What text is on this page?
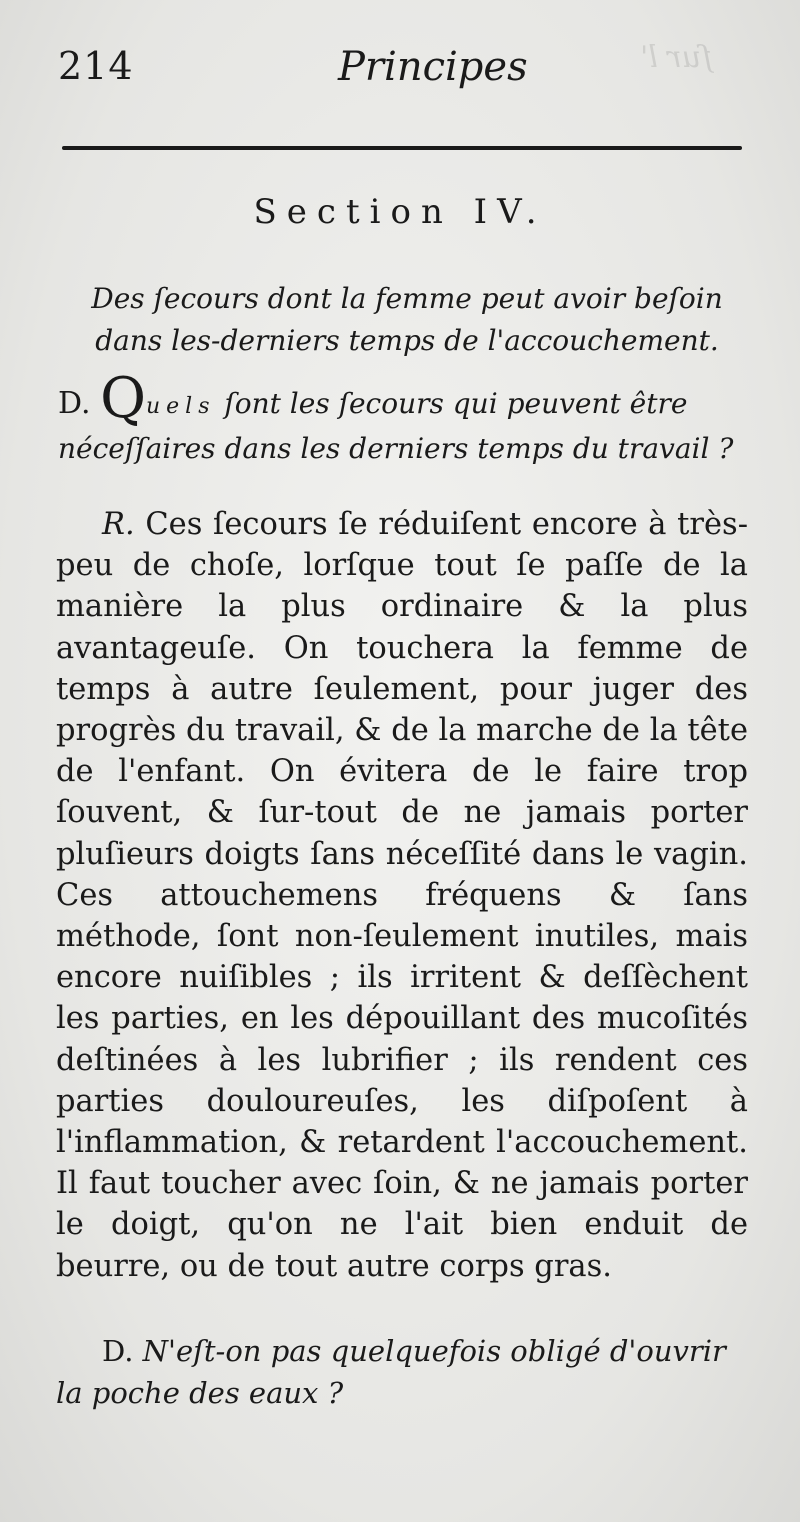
ſur l'
214	Principes
Section IV.
Des ſecours dont la femme peut avoir beſoin dans les-derniers temps de l'accouchement.
D. Quels ſont les ſecours qui peuvent être néceſſaires dans les derniers temps du travail ?
R. Ces ſecours ſe réduiſent encore à très-peu de choſe, lorſque tout ſe paſſe de la manière la plus ordinaire & la plus avantageuſe. On touchera la femme de temps à autre ſeulement, pour juger des progrès du travail, & de la marche de la tête de l'enfant. On évitera de le faire trop ſouvent, & ſur-tout de ne jamais porter pluſieurs doigts ſans néceſſité dans le vagin. Ces attouchemens fréquens & ſans méthode, ſont non-ſeulement inutiles, mais encore nuiſibles ; ils irritent & deſſèchent les parties, en les dépouillant des mucoſités deſtinées à les lubrifier ; ils rendent ces parties douloureuſes, les diſpoſent à l'inflammation, & retardent l'accouchement. Il faut toucher avec ſoin, & ne jamais porter le doigt, qu'on ne l'ait bien enduit de beurre, ou de tout autre corps gras.
D. N'eſt-on pas quelquefois obligé d'ouvrir la poche des eaux ?
